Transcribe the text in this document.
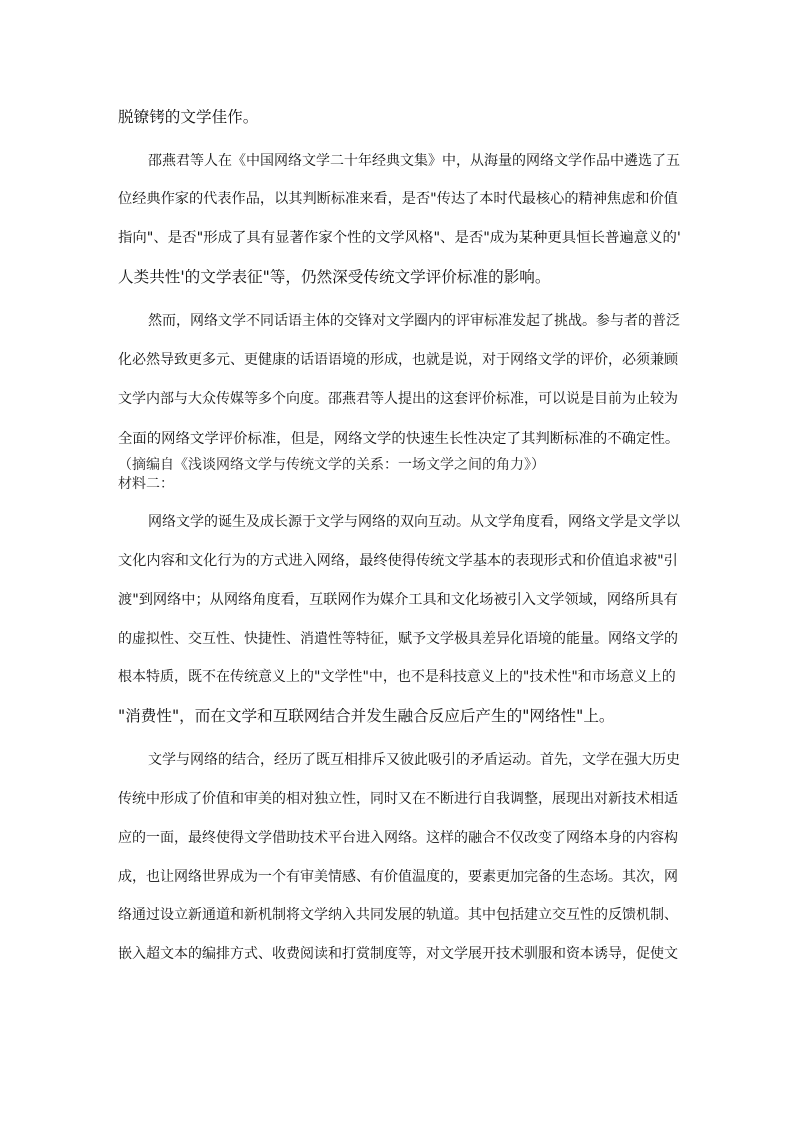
脱镣铐的文学佳作。
邵燕君等人在《中国网络文学二十年经典文集》中，从海量的网络文学作品中遴选了五
位经典作家的代表作品，以其判断标准来看，是否"传达了本时代最核心的精神焦虑和价值
指向"、是否"形成了具有显著作家个性的文学风格"、是否"成为某种更具恒长普遍意义的'
人类共性'的文学表征"等，仍然深受传统文学评价标准的影响。
然而，网络文学不同话语主体的交锋对文学圈内的评审标准发起了挑战。参与者的普泛
化必然导致更多元、更健康的话语语境的形成，也就是说，对于网络文学的评价，必须兼顾
文学内部与大众传媒等多个向度。邵燕君等人提出的这套评价标准，可以说是目前为止较为
全面的网络文学评价标准，但是，网络文学的快速生长性决定了其判断标准的不确定性。
（摘编自《浅谈网络文学与传统文学的关系：一场文学之间的角力》）
材料二：
网络文学的诞生及成长源于文学与网络的双向互动。从文学角度看，网络文学是文学以
文化内容和文化行为的方式进入网络，最终使得传统文学基本的表现形式和价值追求被"引
渡"到网络中；从网络角度看，互联网作为媒介工具和文化场被引入文学领域，网络所具有
的虚拟性、交互性、快捷性、消遣性等特征，赋予文学极具差异化语境的能量。网络文学的
根本特质，既不在传统意义上的"文学性"中，也不是科技意义上的"技术性"和市场意义上的
"消费性"，而在文学和互联网结合并发生融合反应后产生的"网络性"上。
文学与网络的结合，经历了既互相排斥又彼此吸引的矛盾运动。首先，文学在强大历史
传统中形成了价值和审美的相对独立性，同时又在不断进行自我调整，展现出对新技术相适
应的一面，最终使得文学借助技术平台进入网络。这样的融合不仅改变了网络本身的内容构
成，也让网络世界成为一个有审美情感、有价值温度的，要素更加完备的生态场。其次，网
络通过设立新通道和新机制将文学纳入共同发展的轨道。其中包括建立交互性的反馈机制、
嵌入超文本的编排方式、收费阅读和打赏制度等，对文学展开技术驯服和资本诱导，促使文
